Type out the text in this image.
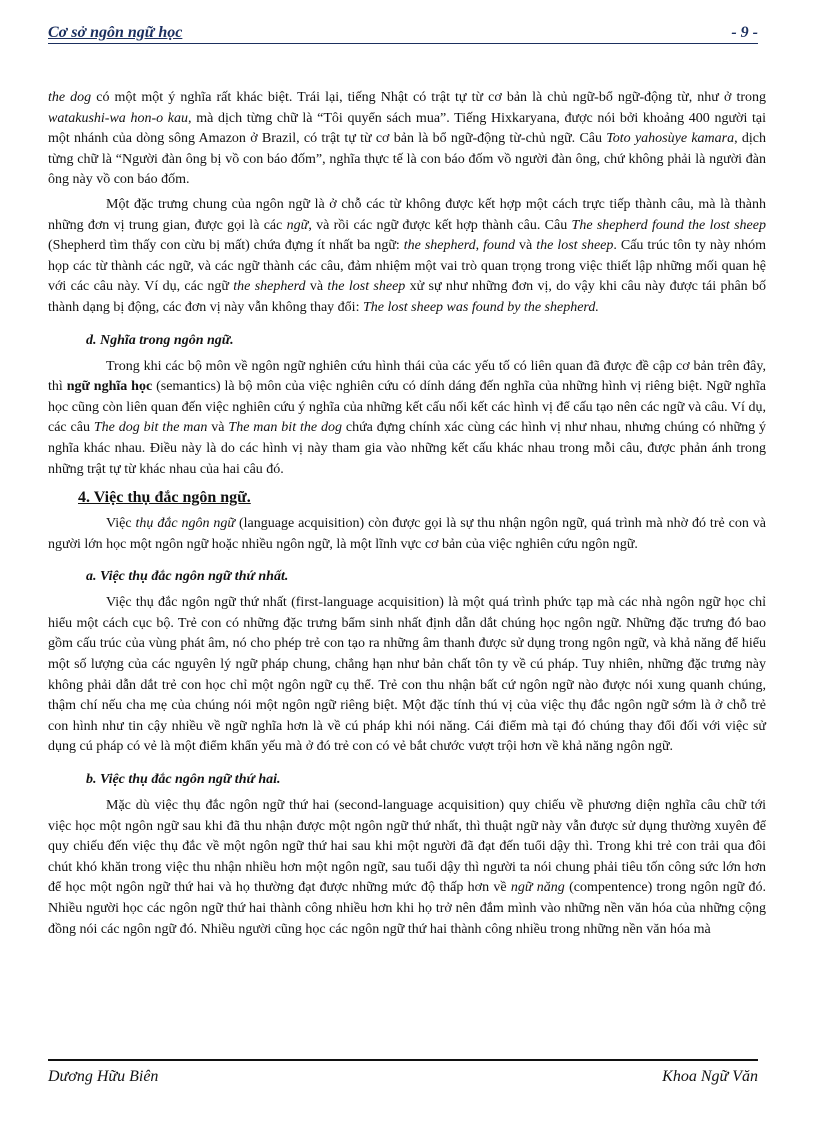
Cơ sở ngôn ngữ học	- 9 -

the dog có một một ý nghĩa rất khác biệt. Trái lại, tiếng Nhật có trật tự từ cơ bản là chủ ngữ-bổ ngữ-động từ, như ở trong watakushi-wa hon-o kau, mà dịch từng chữ là “Tôi quyển sách mua”. Tiếng Hixkaryana, được nói bởi khoảng 400 người tại một nhánh của dòng sông Amazon ở Brazil, có trật tự từ cơ bản là bổ ngữ-động từ-chủ ngữ. Câu Toto yahosùye kamara, dịch từng chữ là “Người đàn ông bị vồ con báo đốm”, nghĩa thực tế là con báo đốm vồ người đàn ông, chứ không phải là người đàn ông này vồ con báo đốm.

Một đặc trưng chung của ngôn ngữ là ở chỗ các từ không được kết hợp một cách trực tiếp thành câu, mà là thành những đơn vị trung gian, được gọi là các ngữ, và rồi các ngữ được kết hợp thành câu. Câu The shepherd found the lost sheep (Shepherd tìm thấy con cừu bị mất) chứa đựng ít nhất ba ngữ: the shepherd, found và the lost sheep. Cấu trúc tôn ty này nhóm họp các từ thành các ngữ, và các ngữ thành các câu, đảm nhiệm một vai trò quan trọng trong việc thiết lập những mối quan hệ với các câu này. Ví dụ, các ngữ the shepherd và the lost sheep xử sự như những đơn vị, do vậy khi câu này được tái phân bố thành dạng bị động, các đơn vị này vẫn không thay đổi: The lost sheep was found by the shepherd.

d. Nghĩa trong ngôn ngữ.

Trong khi các bộ môn về ngôn ngữ nghiên cứu hình thái của các yếu tố có liên quan đã được đề cập cơ bản trên đây, thì ngữ nghĩa học (semantics) là bộ môn của việc nghiên cứu có dính dáng đến nghĩa của những hình vị riêng biệt. Ngữ nghĩa học cũng còn liên quan đến việc nghiên cứu ý nghĩa của những kết cấu nối kết các hình vị để cấu tạo nên các ngữ và câu. Ví dụ, các câu The dog bit the man và The man bit the dog chứa đựng chính xác cùng các hình vị như nhau, nhưng chúng có những ý nghĩa khác nhau. Điều này là do các hình vị này tham gia vào những kết cấu khác nhau trong mỗi câu, được phản ánh trong những trật tự từ khác nhau của hai câu đó.

4. Việc thụ đắc ngôn ngữ.

Việc thụ đắc ngôn ngữ (language acquisition) còn được gọi là sự thu nhận ngôn ngữ, quá trình mà nhờ đó trẻ con và người lớn học một ngôn ngữ hoặc nhiều ngôn ngữ, là một lĩnh vực cơ bản của việc nghiên cứu ngôn ngữ.

a. Việc thụ đắc ngôn ngữ thứ nhất.

Việc thụ đắc ngôn ngữ thứ nhất (first-language acquisition) là một quá trình phức tạp mà các nhà ngôn ngữ học chỉ hiểu một cách cục bộ. Trẻ con có những đặc trưng bẩm sinh nhất định dẫn dắt chúng học ngôn ngữ. Những đặc trưng đó bao gồm cấu trúc của vùng phát âm, nó cho phép trẻ con tạo ra những âm thanh được sử dụng trong ngôn ngữ, và khả năng để hiểu một số lượng của các nguyên lý ngữ pháp chung, chẳng hạn như bản chất tôn ty về cú pháp. Tuy nhiên, những đặc trưng này không phải dẫn dắt trẻ con học chỉ một ngôn ngữ cụ thể. Trẻ con thu nhận bất cứ ngôn ngữ nào được nói xung quanh chúng, thậm chí nếu cha mẹ của chúng nói một ngôn ngữ riêng biệt. Một đặc tính thú vị của việc thụ đắc ngôn ngữ sớm là ở chỗ trẻ con hình như tin cậy nhiều về ngữ nghĩa hơn là về cú pháp khi nói năng. Cái điểm mà tại đó chúng thay đổi đối với việc sử dụng cú pháp có vẻ là một điểm khẩn yếu mà ở đó trẻ con có vẻ bắt chước vượt trội hơn về khả năng ngôn ngữ.

b. Việc thụ đắc ngôn ngữ thứ hai.

Mặc dù việc thụ đắc ngôn ngữ thứ hai (second-language acquisition) quy chiếu về phương diện nghĩa câu chữ tới việc học một ngôn ngữ sau khi đã thu nhận được một ngôn ngữ thứ nhất, thì thuật ngữ này vẫn được sử dụng thường xuyên để quy chiếu đến việc thụ đắc về một ngôn ngữ thứ hai sau khi một người đã đạt đến tuổi dậy thì. Trong khi trẻ con trải qua đôi chút khó khăn trong việc thu nhận nhiều hơn một ngôn ngữ, sau tuổi dậy thì người ta nói chung phải tiêu tốn công sức lớn hơn để học một ngôn ngữ thứ hai và họ thường đạt được những mức độ thấp hơn về ngữ năng (compentence) trong ngôn ngữ đó. Nhiều người học các ngôn ngữ thứ hai thành công nhiều hơn khi họ trở nên đắm mình vào những nền văn hóa của những cộng đồng nói các ngôn ngữ đó. Nhiều người cũng học các ngôn ngữ thứ hai thành công nhiều trong những nền văn hóa mà

Dương Hữu Biên	Khoa Ngữ Văn
